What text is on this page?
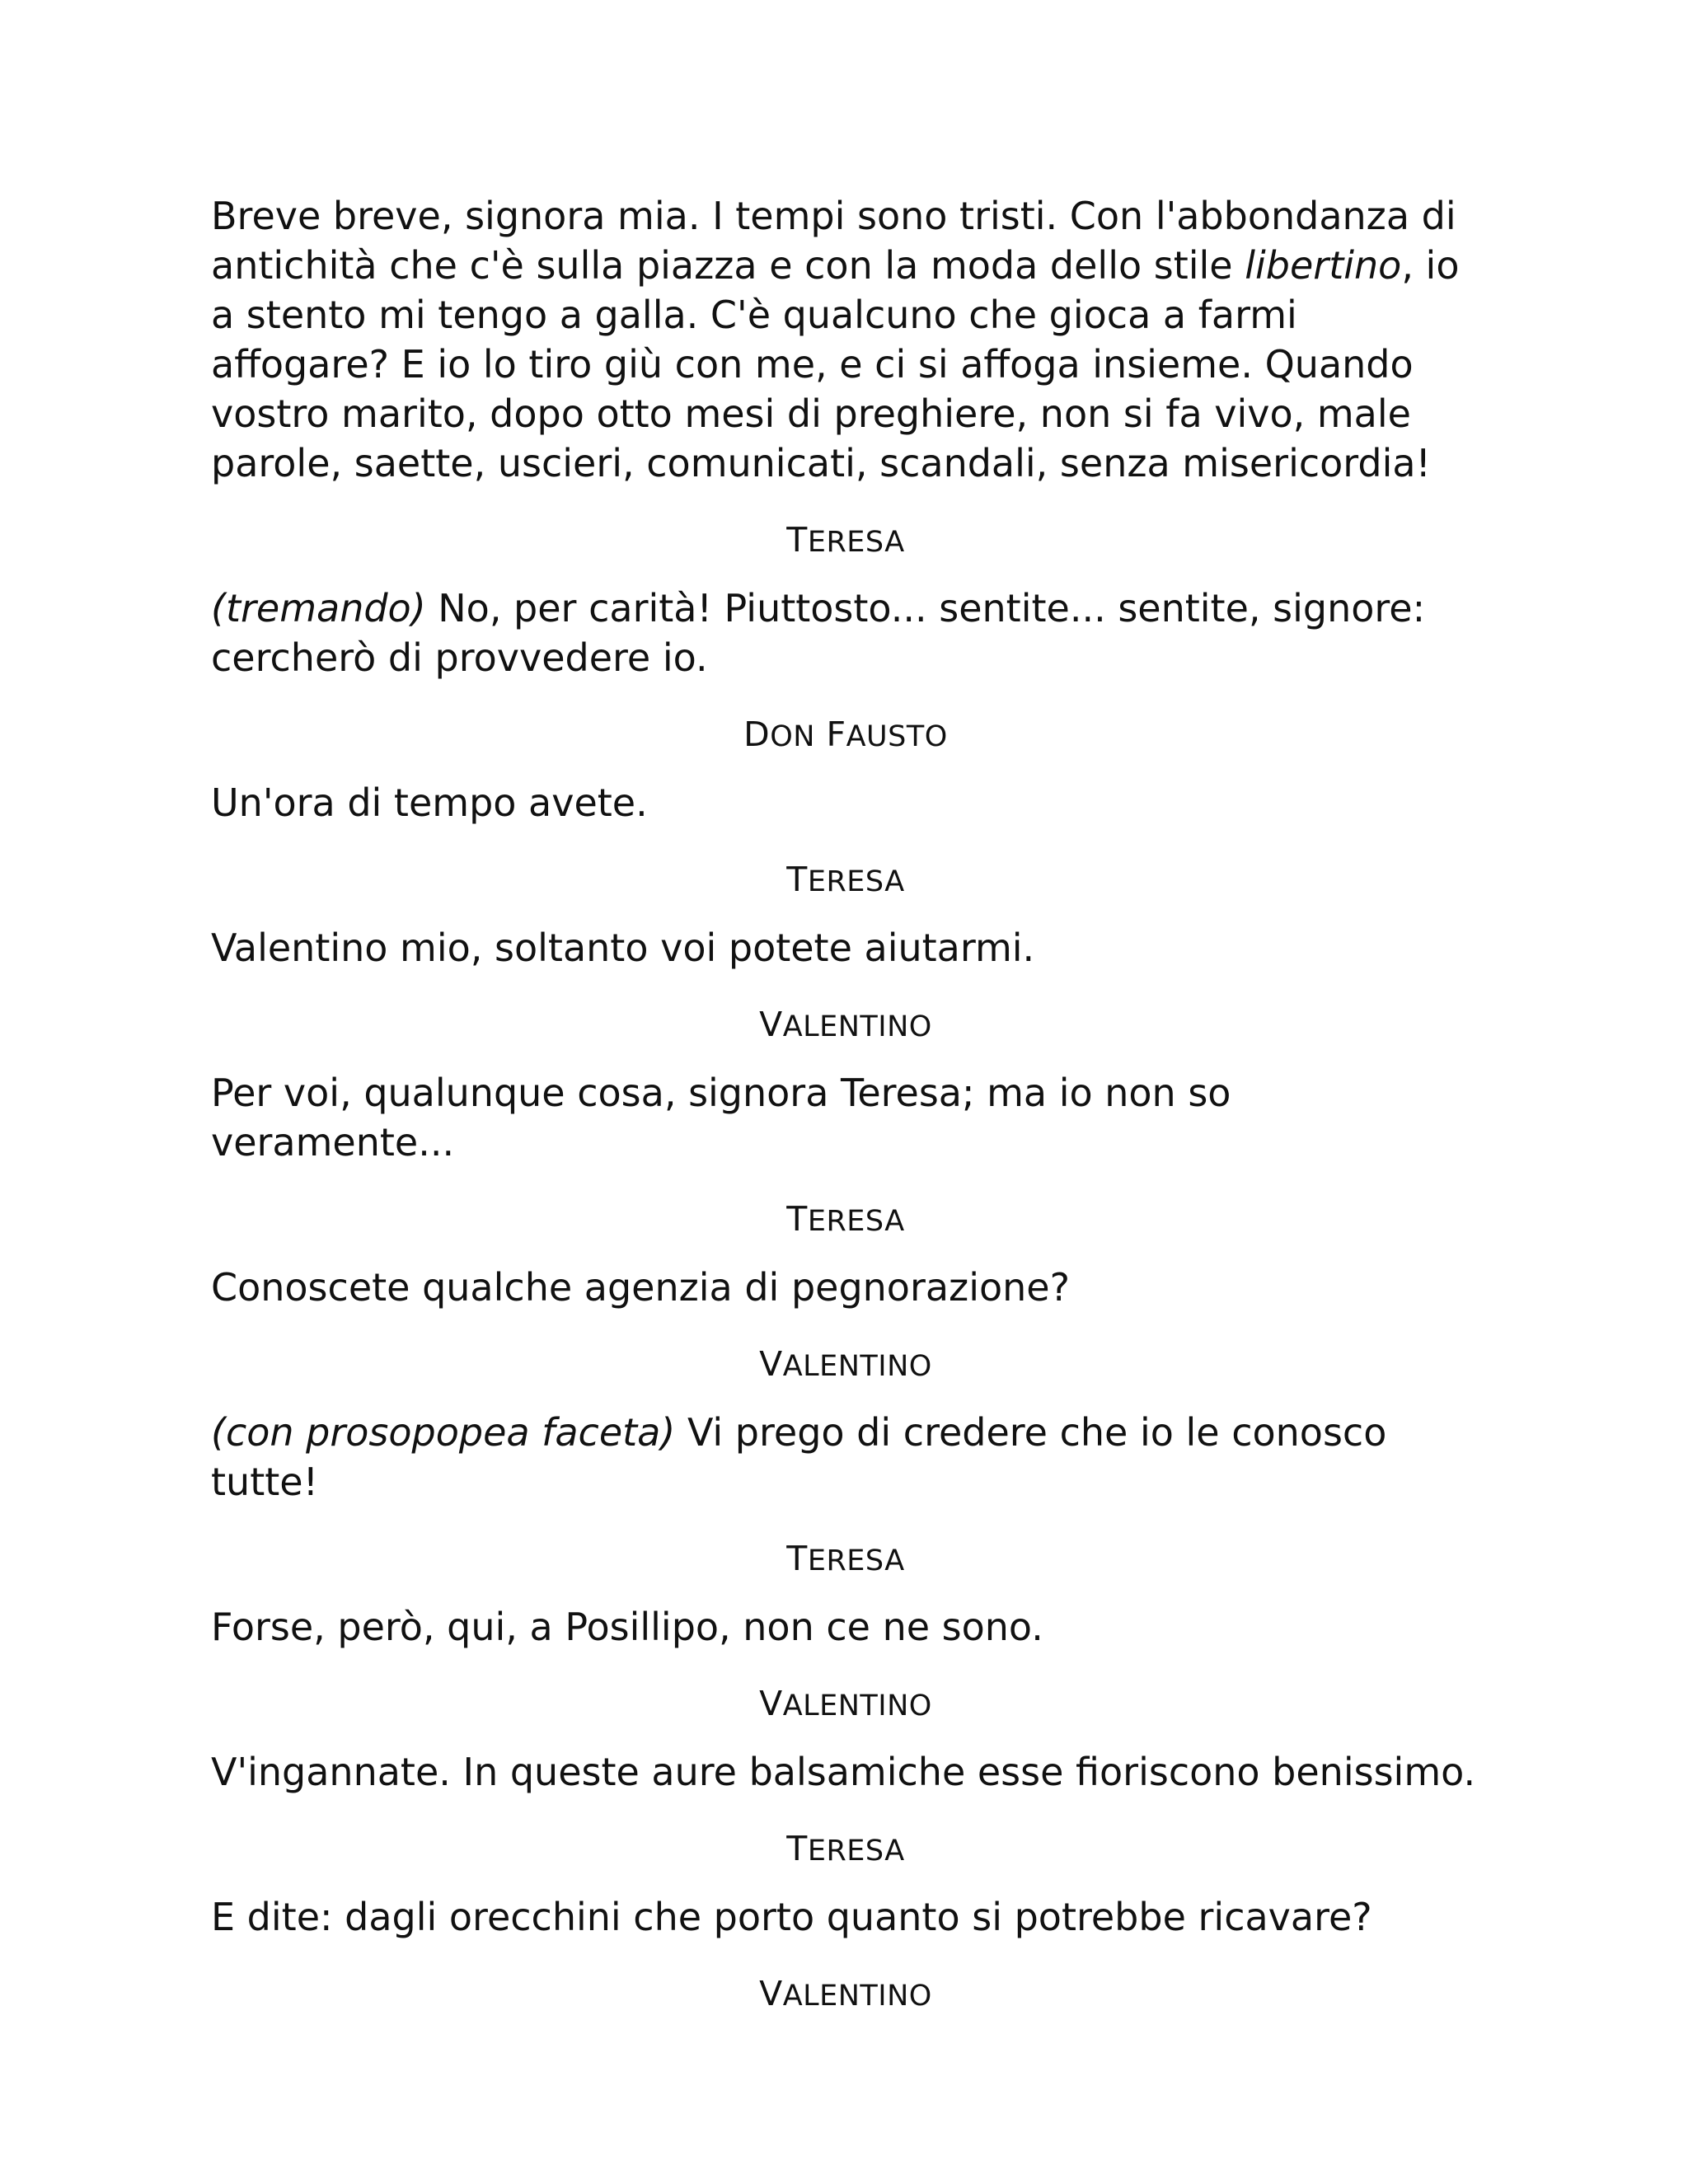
Breve breve, signora mia. I tempi sono tristi. Con l'abbondanza di antichità che c'è sulla piazza e con la moda dello stile libertino, io a stento mi tengo a galla. C'è qualcuno che gioca a farmi affogare? E io lo tiro giù con me, e ci si affoga insieme. Quando vostro marito, dopo otto mesi di preghiere, non si fa vivo, male parole, saette, uscieri, comunicati, scandali, senza misericordia!

TERESA

(tremando) No, per carità! Piuttosto... sentite... sentite, signore: cercherò di provvedere io.

DON FAUSTO

Un'ora di tempo avete.

TERESA

Valentino mio, soltanto voi potete aiutarmi.

VALENTINO

Per voi, qualunque cosa, signora Teresa; ma io non so veramente...

TERESA

Conoscete qualche agenzia di pegnorazione?

VALENTINO

(con prosopopea faceta) Vi prego di credere che io le conosco tutte!

TERESA

Forse, però, qui, a Posillipo, non ce ne sono.

VALENTINO

V'ingannate. In queste aure balsamiche esse fioriscono benissimo.

TERESA

E dite: dagli orecchini che porto quanto si potrebbe ricavare?

VALENTINO
